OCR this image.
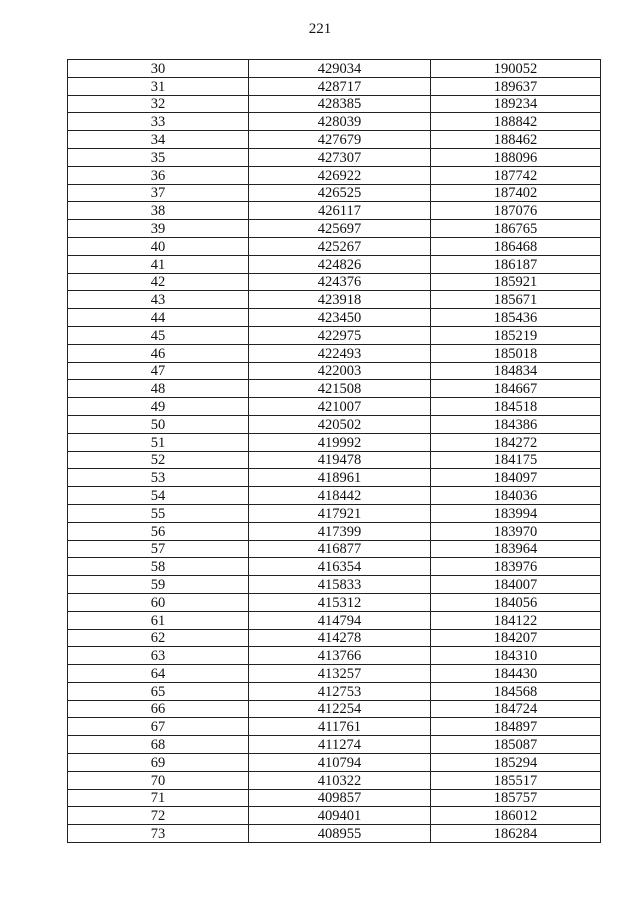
221
30	429034	190052
31	428717	189637
32	428385	189234
33	428039	188842
34	427679	188462
35	427307	188096
36	426922	187742
37	426525	187402
38	426117	187076
39	425697	186765
40	425267	186468
41	424826	186187
42	424376	185921
43	423918	185671
44	423450	185436
45	422975	185219
46	422493	185018
47	422003	184834
48	421508	184667
49	421007	184518
50	420502	184386
51	419992	184272
52	419478	184175
53	418961	184097
54	418442	184036
55	417921	183994
56	417399	183970
57	416877	183964
58	416354	183976
59	415833	184007
60	415312	184056
61	414794	184122
62	414278	184207
63	413766	184310
64	413257	184430
65	412753	184568
66	412254	184724
67	411761	184897
68	411274	185087
69	410794	185294
70	410322	185517
71	409857	185757
72	409401	186012
73	408955	186284
